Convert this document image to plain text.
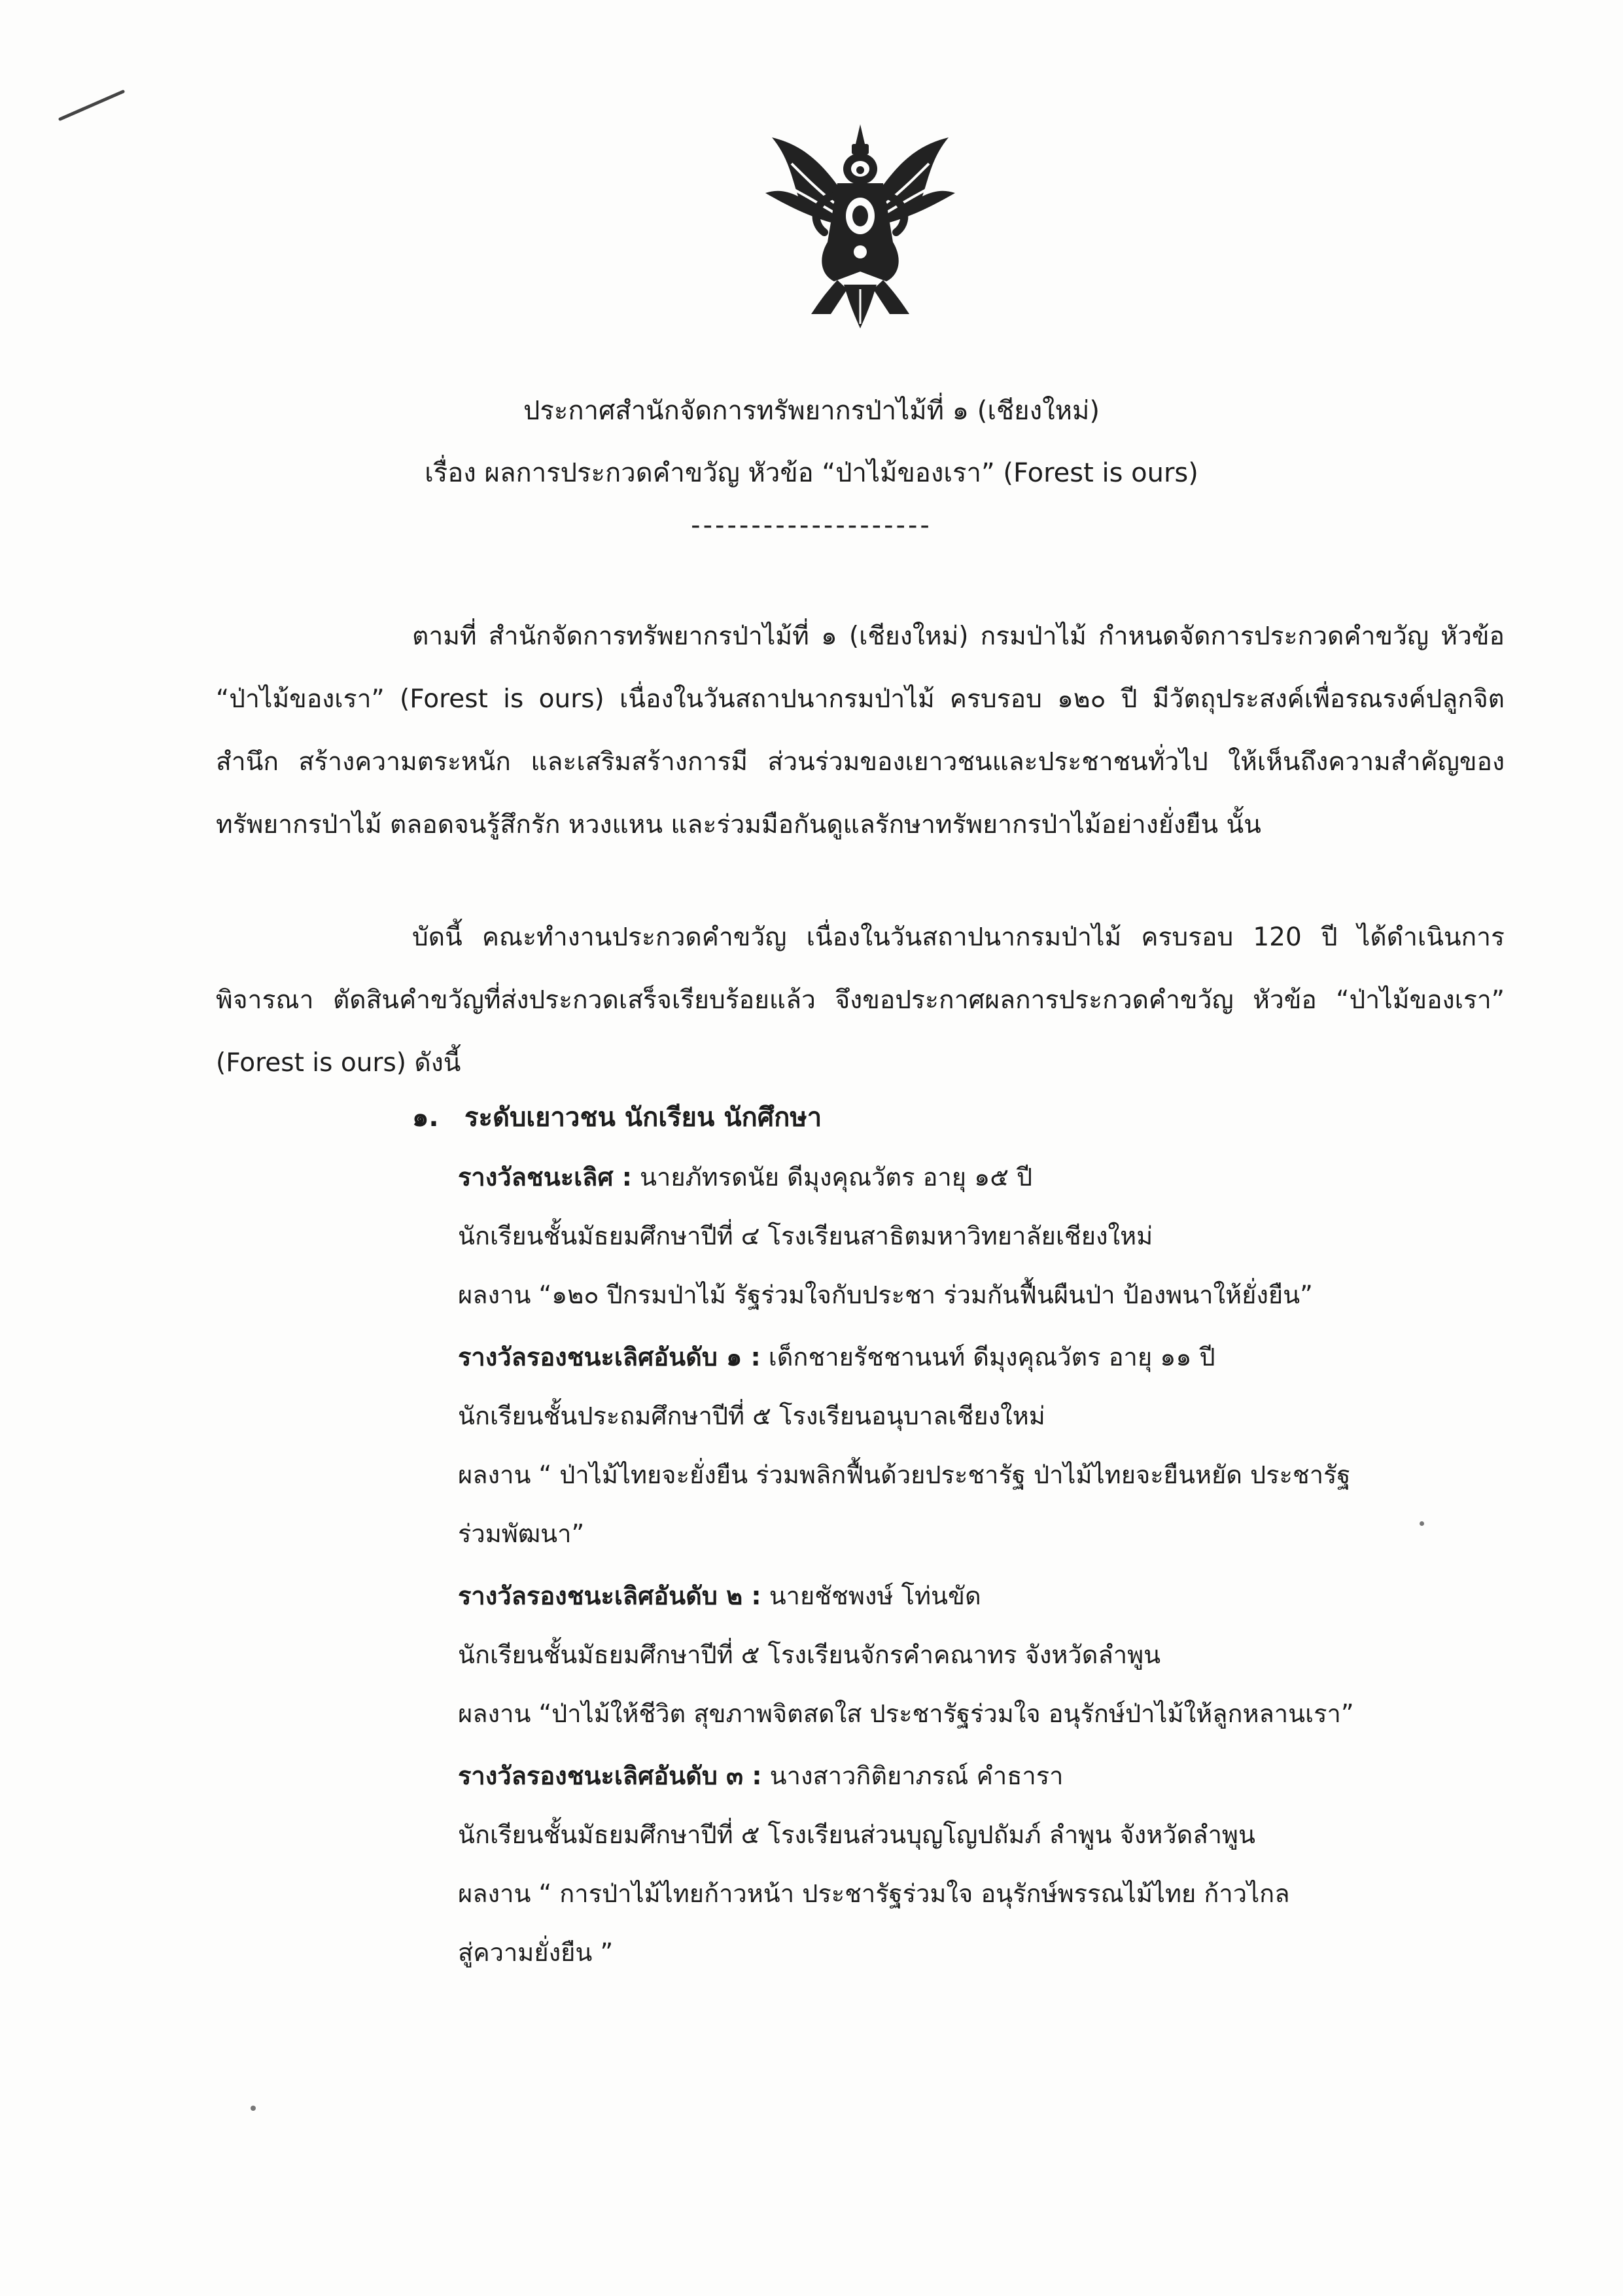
ประกาศสำนักจัดการทรัพยากรป่าไม้ที่ ๑ (เชียงใหม่)
เรื่อง ผลการประกวดคำขวัญ หัวข้อ “ป่าไม้ของเรา” (Forest is ours)
--------------------
ตามที่ สำนักจัดการทรัพยากรป่าไม้ที่ ๑ (เชียงใหม่) กรมป่าไม้ กำหนดจัดการประกวดคำขวัญ หัวข้อ “ป่าไม้ของเรา” (Forest is ours) เนื่องในวันสถาปนากรมป่าไม้ ครบรอบ ๑๒๐ ปี มีวัตถุประสงค์เพื่อรณรงค์ปลูกจิตสำนึก สร้างความตระหนัก และเสริมสร้างการมี ส่วนร่วมของเยาวชนและประชาชนทั่วไป ให้เห็นถึงความสำคัญของทรัพยากรป่าไม้ ตลอดจนรู้สึกรัก หวงแหน และร่วมมือกันดูแลรักษาทรัพยากรป่าไม้อย่างยั่งยืน นั้น
บัดนี้ คณะทำงานประกวดคำขวัญ เนื่องในวันสถาปนากรมป่าไม้ ครบรอบ 120 ปี ได้ดำเนินการพิจารณา ตัดสินคำขวัญที่ส่งประกวดเสร็จเรียบร้อยแล้ว จึงขอประกาศผลการประกวดคำขวัญ หัวข้อ “ป่าไม้ของเรา” (Forest is ours) ดังนี้
๑. ระดับเยาวชน นักเรียน นักศึกษา
รางวัลชนะเลิศ : นายภัทรดนัย ดีมุงคุณวัตร อายุ ๑๕ ปี
นักเรียนชั้นมัธยมศึกษาปีที่ ๔ โรงเรียนสาธิตมหาวิทยาลัยเชียงใหม่
ผลงาน “๑๒๐ ปีกรมป่าไม้ รัฐร่วมใจกับประชา ร่วมกันฟื้นผืนป่า ป้องพนาให้ยั่งยืน”
รางวัลรองชนะเลิศอันดับ ๑ : เด็กชายรัชชานนท์ ดีมุงคุณวัตร อายุ ๑๑ ปี
นักเรียนชั้นประถมศึกษาปีที่ ๕ โรงเรียนอนุบาลเชียงใหม่
ผลงาน “ ป่าไม้ไทยจะยั่งยืน ร่วมพลิกฟื้นด้วยประชารัฐ ป่าไม้ไทยจะยืนหยัด ประชารัฐ
ร่วมพัฒนา”
รางวัลรองชนะเลิศอันดับ ๒ : นายชัชพงษ์ โท่นขัด
นักเรียนชั้นมัธยมศึกษาปีที่ ๕ โรงเรียนจักรคำคณาทร จังหวัดลำพูน
ผลงาน “ป่าไม้ให้ชีวิต สุขภาพจิตสดใส ประชารัฐร่วมใจ อนุรักษ์ป่าไม้ให้ลูกหลานเรา”
รางวัลรองชนะเลิศอันดับ ๓ : นางสาวกิติยาภรณ์ คำธารา
นักเรียนชั้นมัธยมศึกษาปีที่ ๕ โรงเรียนส่วนบุญโญปถัมภ์ ลำพูน จังหวัดลำพูน
ผลงาน “ การป่าไม้ไทยก้าวหน้า ประชารัฐร่วมใจ อนุรักษ์พรรณไม้ไทย ก้าวไกล
สู่ความยั่งยืน ”
